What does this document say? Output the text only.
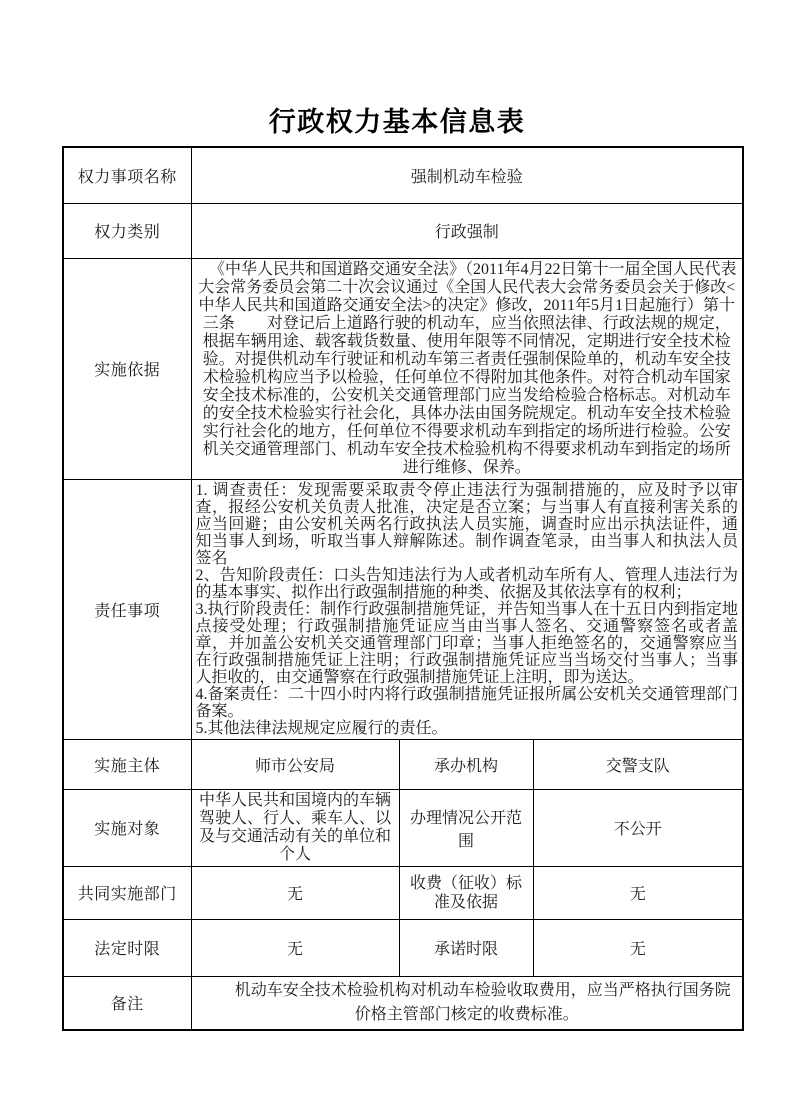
行政权力基本信息表
权力事项名称	强制机动车检验		
权力类别	行政强制		
实施依据	《中华人民共和国道路交通安全法》（2011年4月22日第十一届全国人民代表大会常务委员会第二十次会议通过《全国人民代表大会常务委员会关于修改<中华人民共和国道路交通安全法>的决定》修改，2011年5月1日起施行）第十三条　　对登记后上道路行驶的机动车，应当依照法律、行政法规的规定，根据车辆用途、载客载货数量、使用年限等不同情况，定期进行安全技术检验。对提供机动车行驶证和机动车第三者责任强制保险单的，机动车安全技术检验机构应当予以检验，任何单位不得附加其他条件。对符合机动车国家安全技术标准的，公安机关交通管理部门应当发给检验合格标志。对机动车的安全技术检验实行社会化，具体办法由国务院规定。机动车安全技术检验实行社会化的地方，任何单位不得要求机动车到指定的场所进行检验。公安机关交通管理部门、机动车安全技术检验机构不得要求机动车到指定的场所进行维修、保养。		

责任事项	1. 调查责任：发现需要采取责令停止违法行为强制措施的，应及时予以审查，报经公安机关负责人批准，决定是否立案；与当事人有直接利害关系的应当回避；由公安机关两名行政执法人员实施，调查时应出示执法证件，通知当事人到场，听取当事人辩解陈述。制作调查笔录，由当事人和执法人员签名
2、告知阶段责任：口头告知违法行为人或者机动车所有人、管理人违法行为的基本事实、拟作出行政强制措施的种类、依据及其依法享有的权利；
3.执行阶段责任：制作行政强制措施凭证，并告知当事人在十五日内到指定地点接受处理；行政强制措施凭证应当由当事人签名、交通警察签名或者盖章，并加盖公安机关交通管理部门印章；当事人拒绝签名的，交通警察应当在行政强制措施凭证上注明；行政强制措施凭证应当当场交付当事人；当事人拒收的，由交通警察在行政强制措施凭证上注明，即为送达。
4.备案责任：二十四小时内将行政强制措施凭证报所属公安机关交通管理部门备案。
5.其他法律法规规定应履行的责任。		

实施主体	师市公安局	承办机构	交警支队
实施对象	中华人民共和国境内的车辆驾驶人、行人、乘车人、以及与交通活动有关的单位和个人	办理情况公开范围	不公开
共同实施部门	无	收费（征收）标准及依据	无
法定时限	无	承诺时限	无
备注	机动车安全技术检验机构对机动车检验收取费用，应当严格执行国务院价格主管部门核定的收费标准。		
